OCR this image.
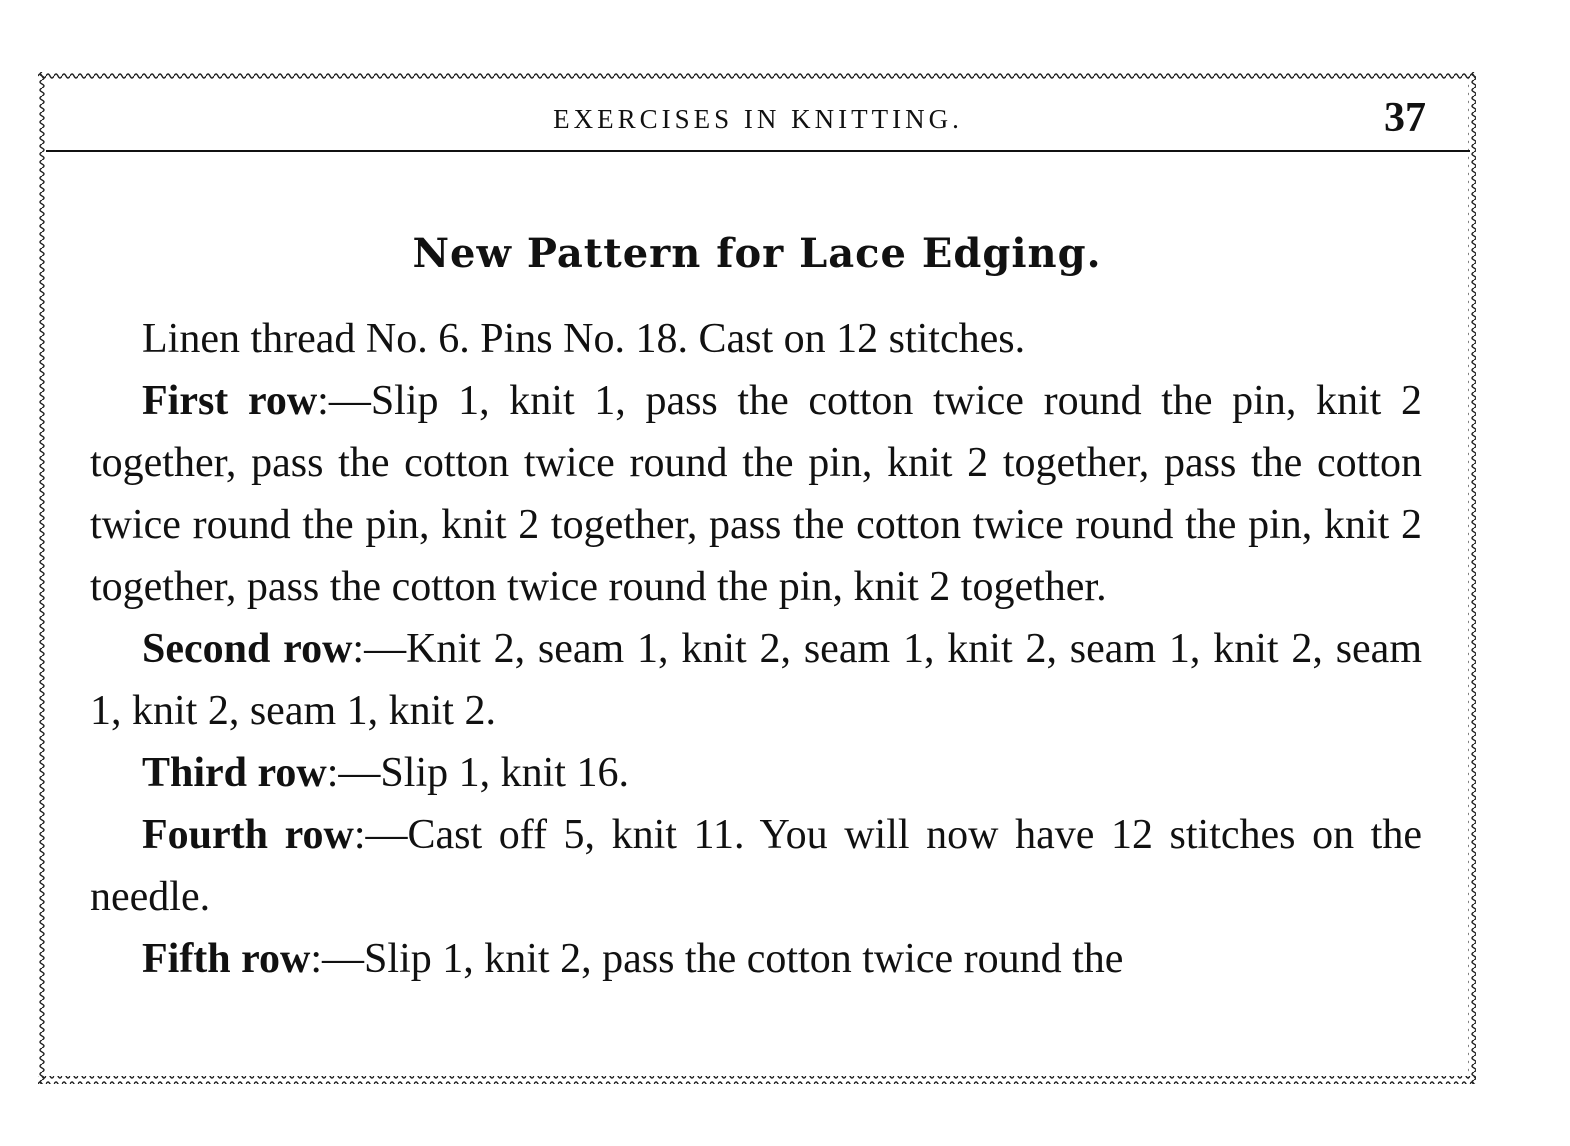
EXERCISES IN KNITTING.	37
New Pattern for Lace Edging.

Linen thread No. 6. Pins No. 18. Cast on 12 stitches.

First row:—Slip 1, knit 1, pass the cotton twice round the pin, knit 2 together, pass the cotton twice round the pin, knit 2 together, pass the cotton twice round the pin, knit 2 together, pass the cotton twice round the pin, knit 2 together, pass the cotton twice round the pin, knit 2 together.

Second row:—Knit 2, seam 1, knit 2, seam 1, knit 2, seam 1, knit 2, seam 1, knit 2, seam 1, knit 2.

Third row:—Slip 1, knit 16.

Fourth row:—Cast off 5, knit 11. You will now have 12 stitches on the needle.

Fifth row:—Slip 1, knit 2, pass the cotton twice round the
